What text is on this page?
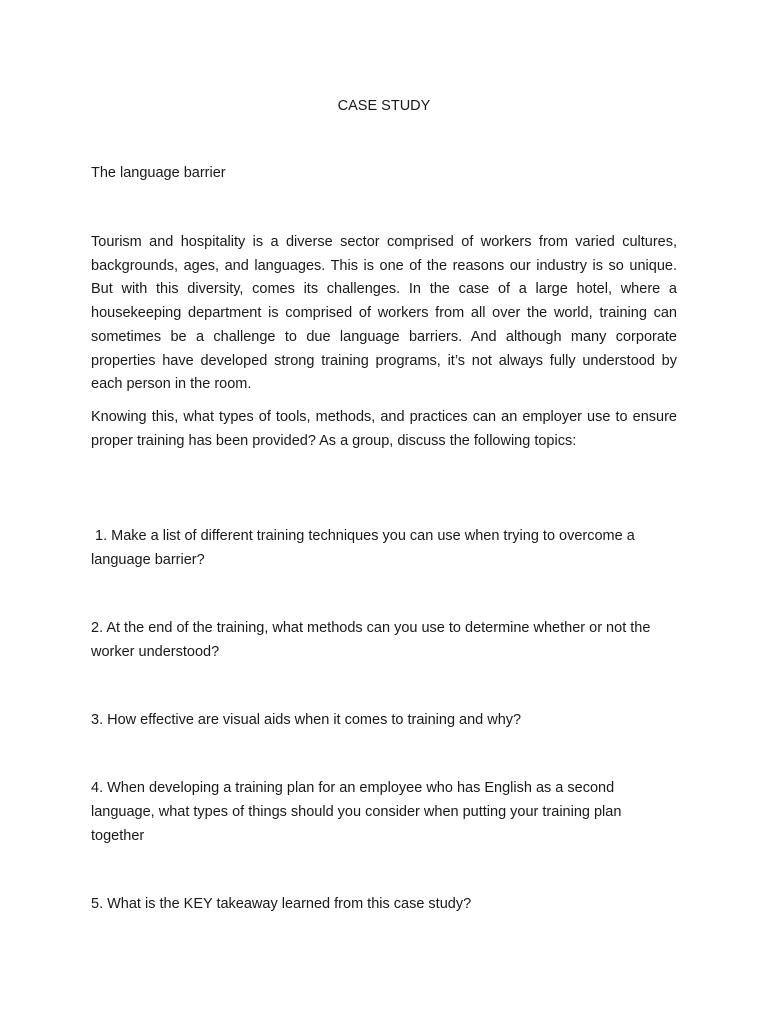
CASE STUDY
The language barrier

Tourism and hospitality is a diverse sector comprised of workers from varied cultures, backgrounds, ages, and languages. This is one of the reasons our industry is so unique. But with this diversity, comes its challenges. In the case of a large hotel, where a housekeeping department is comprised of workers from all over the world, training can sometimes be a challenge to due language barriers. And although many corporate properties have developed strong training programs, it’s not always fully understood by each person in the room.

Knowing this, what types of tools, methods, and practices can an employer use to ensure proper training has been provided? As a group, discuss the following topics:

1. Make a list of different training techniques you can use when trying to overcome a language barrier?

2. At the end of the training, what methods can you use to determine whether or not the worker understood?

3. How effective are visual aids when it comes to training and why?

4. When developing a training plan for an employee who has English as a second language, what types of things should you consider when putting your training plan together

5. What is the KEY takeaway learned from this case study?
